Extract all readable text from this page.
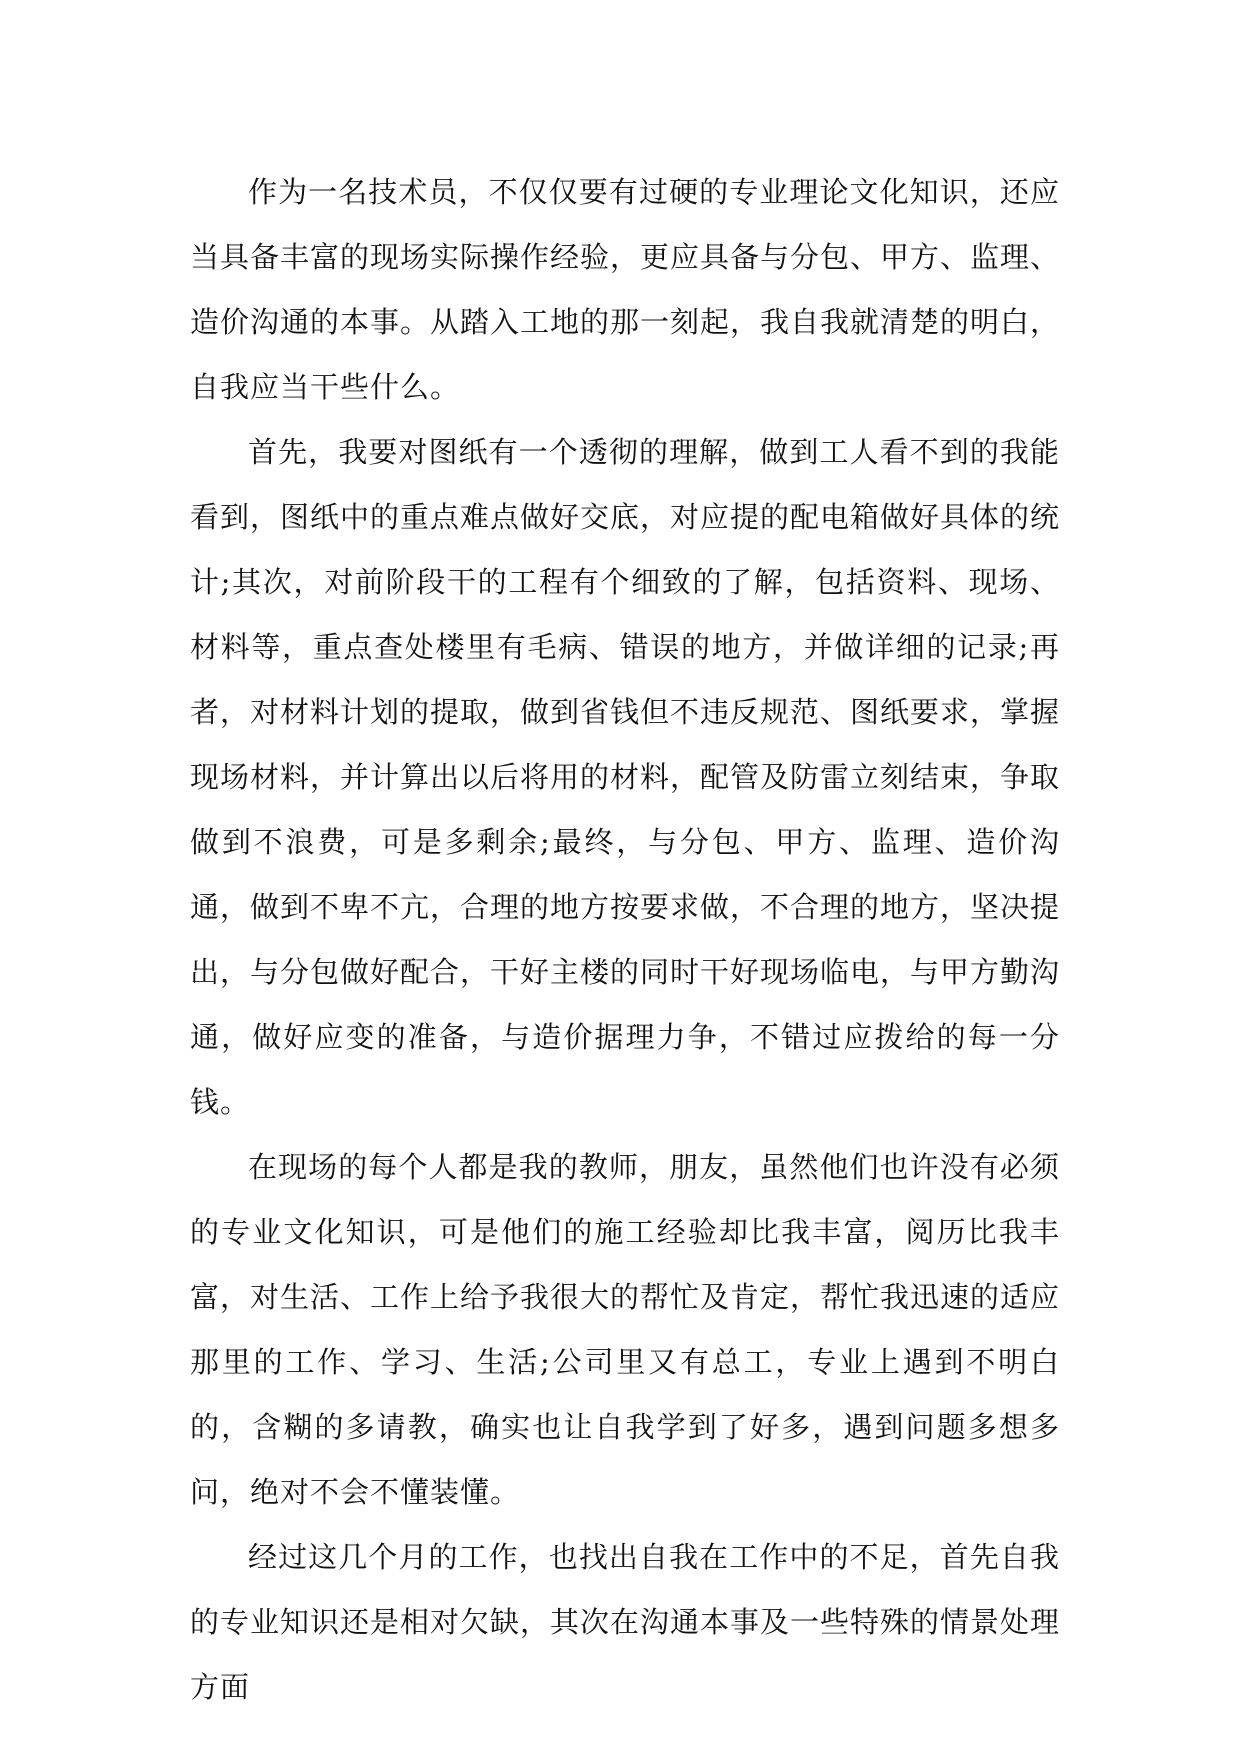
作为一名技术员，不仅仅要有过硬的专业理论文化知识，还应当具备丰富的现场实际操作经验，更应具备与分包、甲方、监理、造价沟通的本事。从踏入工地的那一刻起，我自我就清楚的明白，自我应当干些什么。

首先，我要对图纸有一个透彻的理解，做到工人看不到的我能看到，图纸中的重点难点做好交底，对应提的配电箱做好具体的统计;其次，对前阶段干的工程有个细致的了解，包括资料、现场、材料等，重点查处楼里有毛病、错误的地方，并做详细的记录;再者，对材料计划的提取，做到省钱但不违反规范、图纸要求，掌握现场材料，并计算出以后将用的材料，配管及防雷立刻结束，争取做到不浪费，可是多剩余;最终，与分包、甲方、监理、造价沟通，做到不卑不亢，合理的地方按要求做，不合理的地方，坚决提出，与分包做好配合，干好主楼的同时干好现场临电，与甲方勤沟通，做好应变的准备，与造价据理力争，不错过应拨给的每一分钱。

在现场的每个人都是我的教师，朋友，虽然他们也许没有必须的专业文化知识，可是他们的施工经验却比我丰富，阅历比我丰富，对生活、工作上给予我很大的帮忙及肯定，帮忙我迅速的适应那里的工作、学习、生活;公司里又有总工，专业上遇到不明白的，含糊的多请教，确实也让自我学到了好多，遇到问题多想多问，绝对不会不懂装懂。

经过这几个月的工作，也找出自我在工作中的不足，首先自我的专业知识还是相对欠缺，其次在沟通本事及一些特殊的情景处理方面
